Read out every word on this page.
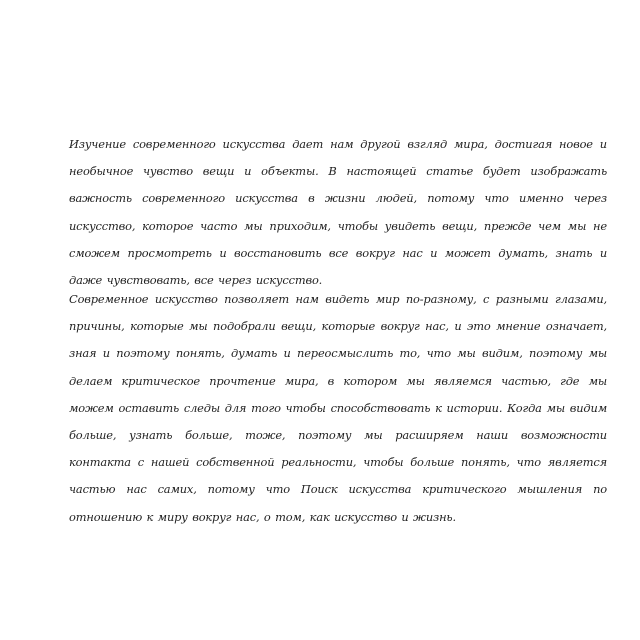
Изучение современного искусства дает нам другой взгляд мира, достигая новое и необычное чувство вещи и объекты. В настоящей статье будет изображать важность современного искусства в жизни людей, потому что именно через искусство, которое часто мы приходим, чтобы увидеть вещи, прежде чем мы не сможем просмотреть и восстановить все вокруг нас и может думать, знать и даже чувствовать, все через искусство.
Современное искусство позволяет нам видеть мир по-разному, с разными глазами, причины, которые мы подобрали вещи, которые вокруг нас, и это мнение означает, зная и поэтому понять, думать и переосмыслить то, что мы видим, поэтому мы делаем критическое прочтение мира, в котором мы являемся частью, где мы можем оставить следы для того чтобы способствовать к истории. Когда мы видим больше, узнать больше, тоже, поэтому мы расширяем наши возможности контакта с нашей собственной реальности, чтобы больше понять, что является частью нас самих, потому что Поиск искусства критического мышления по отношению к миру вокруг нас, о том, как искусство и жизнь.
